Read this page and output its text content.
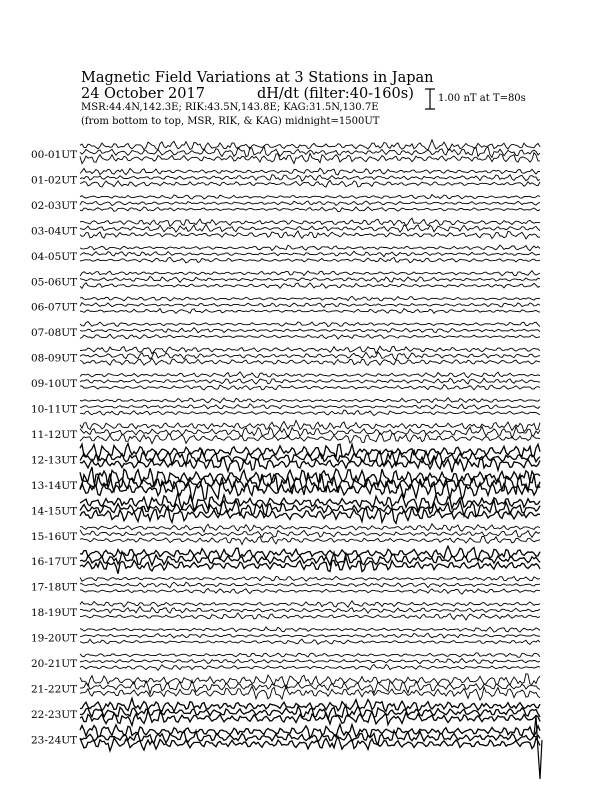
00-01UT
01-02UT
02-03UT
03-04UT
04-05UT
05-06UT
06-07UT
07-08UT
08-09UT
09-10UT
10-11UT
11-12UT
12-13UT
13-14UT
14-15UT
15-16UT
16-17UT
17-18UT
18-19UT
19-20UT
20-21UT
21-22UT
22-23UT
23-24UT
Magnetic Field Variations at 3 Stations in Japan
24 October 2017	dH/dt (filter:40-160s)
MSR:44.4N,142.3E; RIK:43.5N,143.8E; KAG:31.5N,130.7E
(from bottom to top, MSR, RIK, & KAG) midnight=1500UT
1.00 nT at T=80s
